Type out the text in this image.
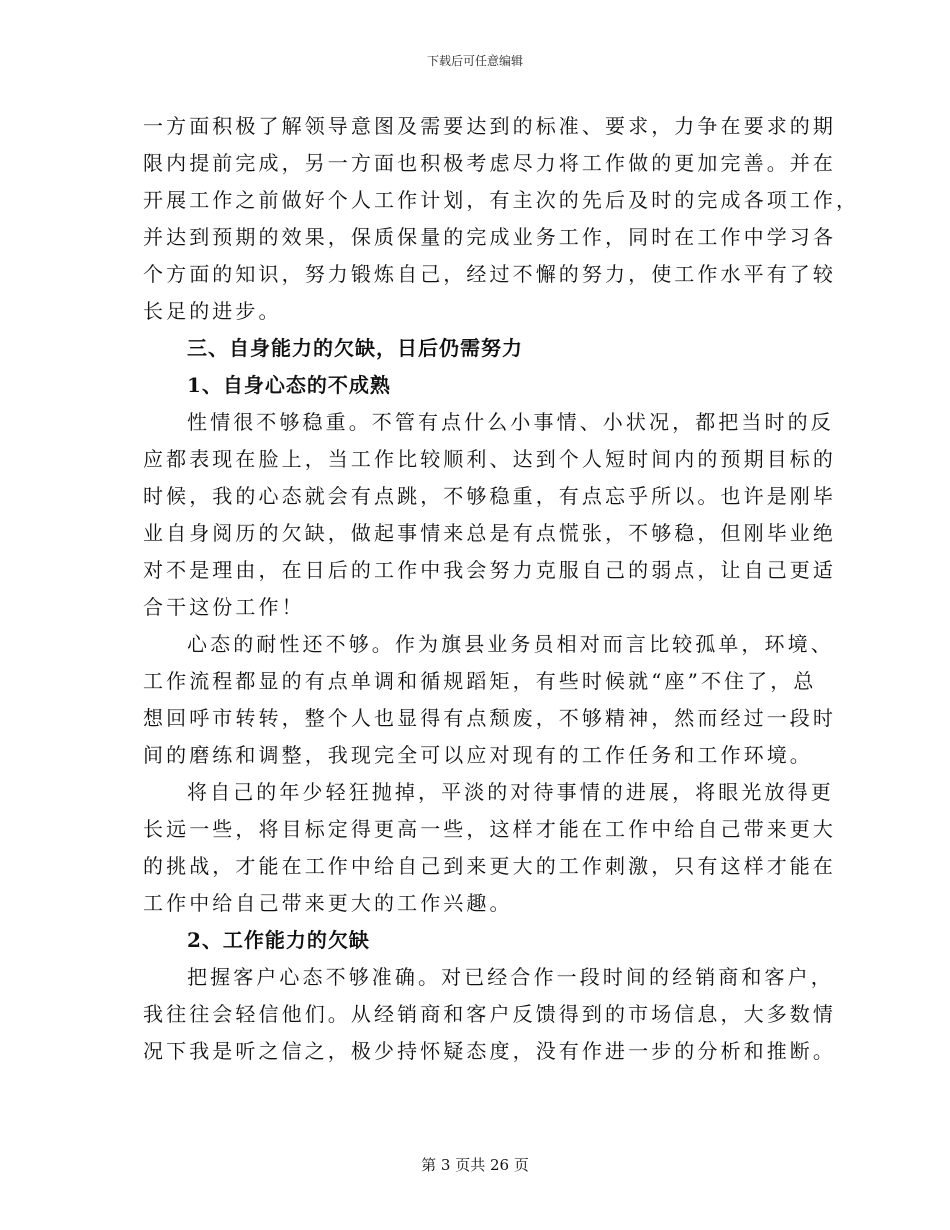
下载后可任意编辑
一方面积极了解领导意图及需要达到的标准、要求，力争在要求的期
限内提前完成，另一方面也积极考虑尽力将工作做的更加完善。并在
开展工作之前做好个人工作计划，有主次的先后及时的完成各项工作，
并达到预期的效果，保质保量的完成业务工作，同时在工作中学习各
个方面的知识，努力锻炼自己，经过不懈的努力，使工作水平有了较
长足的进步。
三、自身能力的欠缺，日后仍需努力
1、自身心态的不成熟
性情很不够稳重。不管有点什么小事情、小状况，都把当时的反
应都表现在脸上，当工作比较顺利、达到个人短时间内的预期目标的
时候，我的心态就会有点跳，不够稳重，有点忘乎所以。也许是刚毕
业自身阅历的欠缺，做起事情来总是有点慌张，不够稳，但刚毕业绝
对不是理由，在日后的工作中我会努力克服自己的弱点，让自己更适
合干这份工作！
心态的耐性还不够。作为旗县业务员相对而言比较孤单，环境、
工作流程都显的有点单调和循规蹈矩，有些时候就“座”不住了，总
想回呼市转转，整个人也显得有点颓废，不够精神，然而经过一段时
间的磨练和调整，我现完全可以应对现有的工作任务和工作环境。
将自己的年少轻狂抛掉，平淡的对待事情的进展，将眼光放得更
长远一些，将目标定得更高一些，这样才能在工作中给自己带来更大
的挑战，才能在工作中给自己到来更大的工作刺激，只有这样才能在
工作中给自己带来更大的工作兴趣。
2、工作能力的欠缺
把握客户心态不够准确。对已经合作一段时间的经销商和客户，
我往往会轻信他们。从经销商和客户反馈得到的市场信息，大多数情
况下我是听之信之，极少持怀疑态度，没有作进一步的分析和推断。
第 3 页共 26 页
